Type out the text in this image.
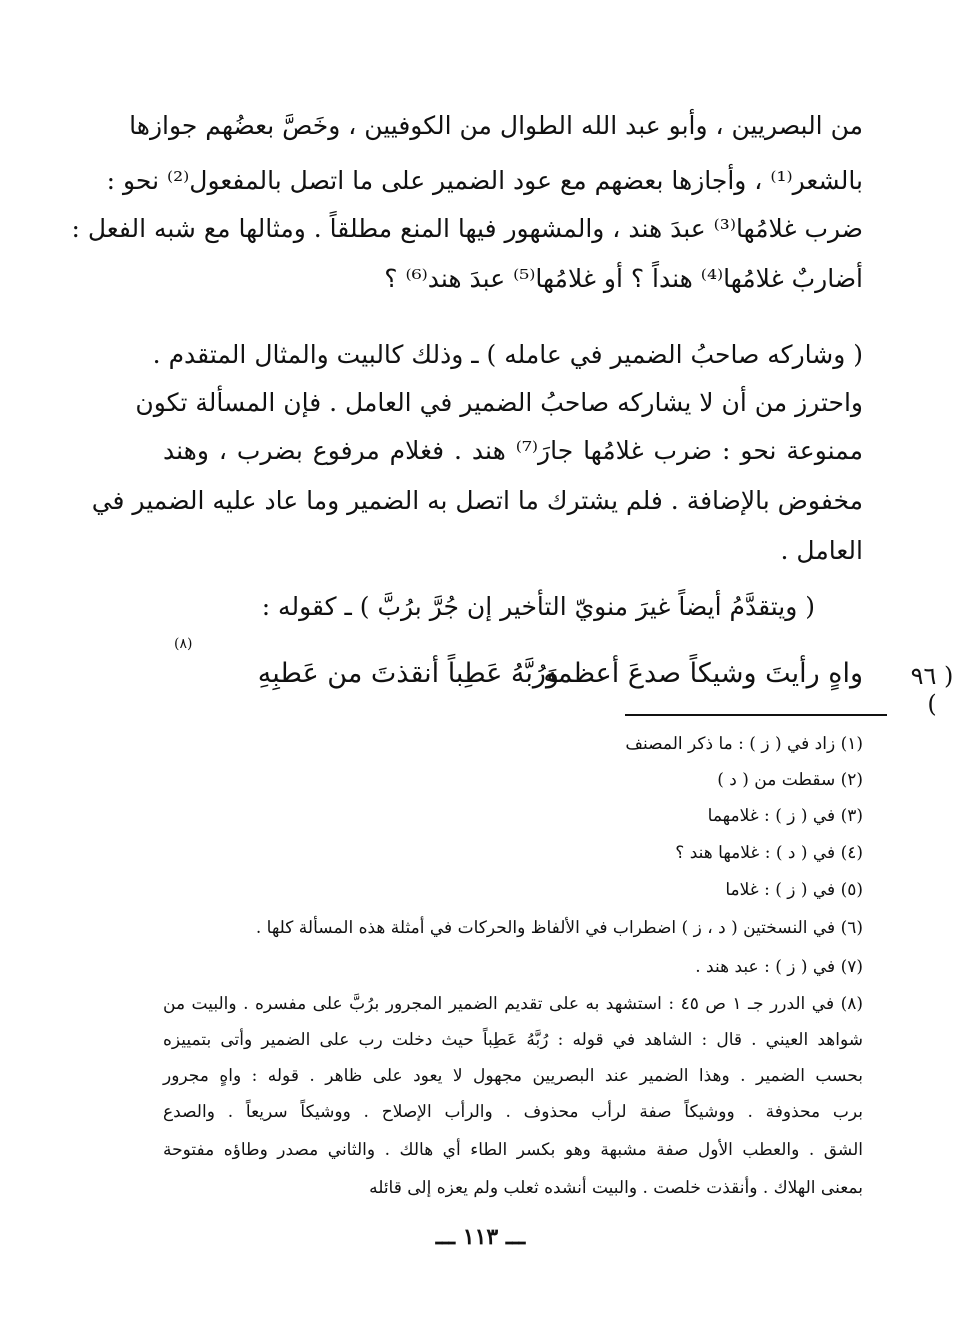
من البصريين ، وأبو عبد الله الطوال من الكوفيين ، وخَصَّ بعضُهم جوازها
بالشعر⁽¹⁾ ، وأجازها بعضهم مع عود الضمير على ما اتصل بالمفعول⁽²⁾ نحو :
ضرب غلامُها⁽³⁾ عبدَ هند ، والمشهور فيها المنع مطلقاً . ومثالها مع شبه الفعل :
أضاربٌ غلامُها⁽⁴⁾ هنداً ؟ أو غلامُها⁽⁵⁾ عبدَ هند⁽⁶⁾ ؟
( وشاركه صاحبُ الضمير في عامله ) ـ وذلك كالبيت والمثال المتقدم .
واحترز من أن لا يشاركه صاحبُ الضمير في العامل . فإن المسألة تكون
ممنوعة نحو : ضرب غلامُها جارَ⁽⁷⁾ هند . فغلام مرفوع بضرب ، وهند
مخفوض بالإضافة . فلم يشترك ما اتصل به الضمير وما عاد عليه الضمير في
العامل .
( ويتقدَّمُ أيضاً غيرَ منويّ التأخير إن جُرَّ برُبَّ ) ـ كقوله :
( ٩٦ )
وَرُبَّهُ عَطِباً أنقذتَ من عَطبِهِ
واهٍ رأيتَ وشيكاً صدعَ أعظمه
(٨)
(١) زاد في ( ز ) : ما ذكر المصنف
(٢) سقطت من ( د )
(٣) في ( ز ) : غلامهما
(٤) في ( د ) : غلامها هند ؟
(٥) في ( ز ) : غلاما
(٦) في النسختين ( د ، ز ) اضطراب في الألفاظ والحركات في أمثلة هذه المسألة كلها .
(٧) في ( ز ) : عبد هند .
(٨) في الدرر جـ ١ ص ٤٥ : استشهد به على تقديم الضمير المجرور برُبَّ على مفسره . والبيت من
شواهد العيني . قال : الشاهد في قوله : رُبَّهُ عَطِباً حيث دخلت رب على الضمير وأتى بتمييزه
بحسب الضمير . وهذا الضمير عند البصريين مجهول لا يعود على ظاهر . قوله : واهٍ مجرور
برب محذوفة . ووشيكاً صفة لرأب محذوف . والرأب الإصلاح . ووشيكاً سريعاً . والصدع
الشق . والعطب الأول صفة مشبهة وهو بكسر الطاء أي هالك . والثاني مصدر وطاؤه مفتوحة
بمعنى الهلاك . وأنقذت خلصت . والبيت أنشده ثعلب ولم يعزه إلى قائله
ـــ ١١٣ ـــ
